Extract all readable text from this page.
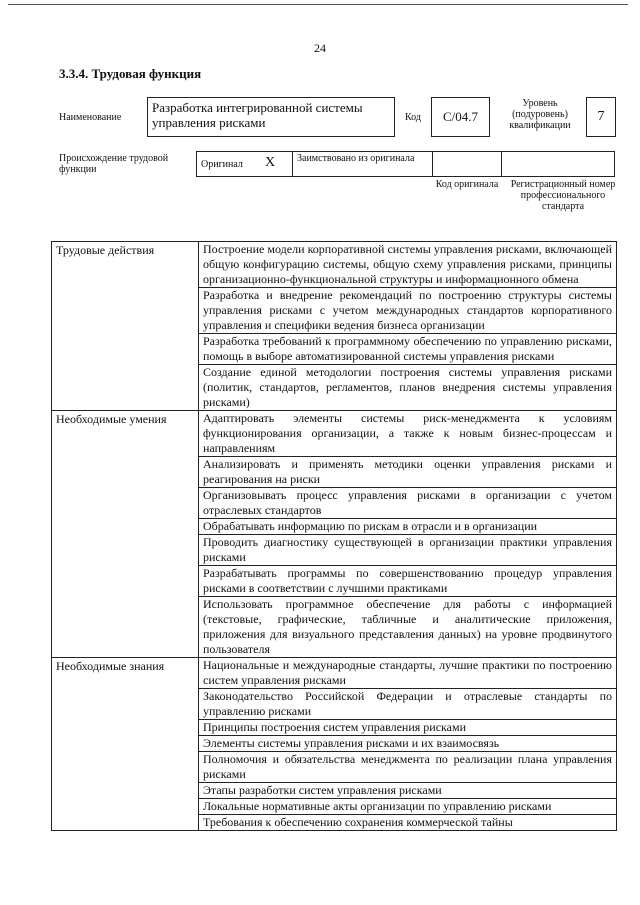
24
3.3.4. Трудовая функция
Наименование
Разработка интегрированной системы управления рисками	Код	C/04.7
Уровень (подуровень) квалификации
7
Происхождение трудовой функции	Оригинал X Заимствовано из оригинала
Код оригинала	Регистрационный номер профессионального стандарта
Трудовые действия	Построение модели корпоративной системы управления рисками, включающей общую конфигурацию системы, общую схему управления рисками, принципы организационно-функциональной структуры и информационного обмена
	Разработка и внедрение рекомендаций по построению структуры системы управления рисками с учетом международных стандартов корпоративного управления и специфики ведения бизнеса организации
	Разработка требований к программному обеспечению по управлению рисками, помощь в выборе автоматизированной системы управления рисками
	Создание единой методологии построения системы управления рисками (политик, стандартов, регламентов, планов внедрения системы управления рисками)
Необходимые умения	Адаптировать элементы системы риск-менеджмента к условиям функционирования организации, а также к новым бизнес-процессам и направлениям
	Анализировать и применять методики оценки управления рисками и реагирования на риски
	Организовывать процесс управления рисками в организации с учетом отраслевых стандартов
	Обрабатывать информацию по рискам в отрасли и в организации
	Проводить диагностику существующей в организации практики управления рисками
	Разрабатывать программы по совершенствованию процедур управления рисками в соответствии с лучшими практиками
	Использовать программное обеспечение для работы с информацией (текстовые, графические, табличные и аналитические приложения, приложения для визуального представления данных) на уровне продвинутого пользователя
Необходимые знания	Национальные и международные стандарты, лучшие практики по построению систем управления рисками
	Законодательство Российской Федерации и отраслевые стандарты по управлению рисками
	Принципы построения систем управления рисками
	Элементы системы управления рисками и их взаимосвязь
	Полномочия и обязательства менеджмента по реализации плана управления рисками
	Этапы разработки систем управления рисками
	Локальные нормативные акты организации по управлению рисками
	Требования к обеспечению сохранения коммерческой тайны
